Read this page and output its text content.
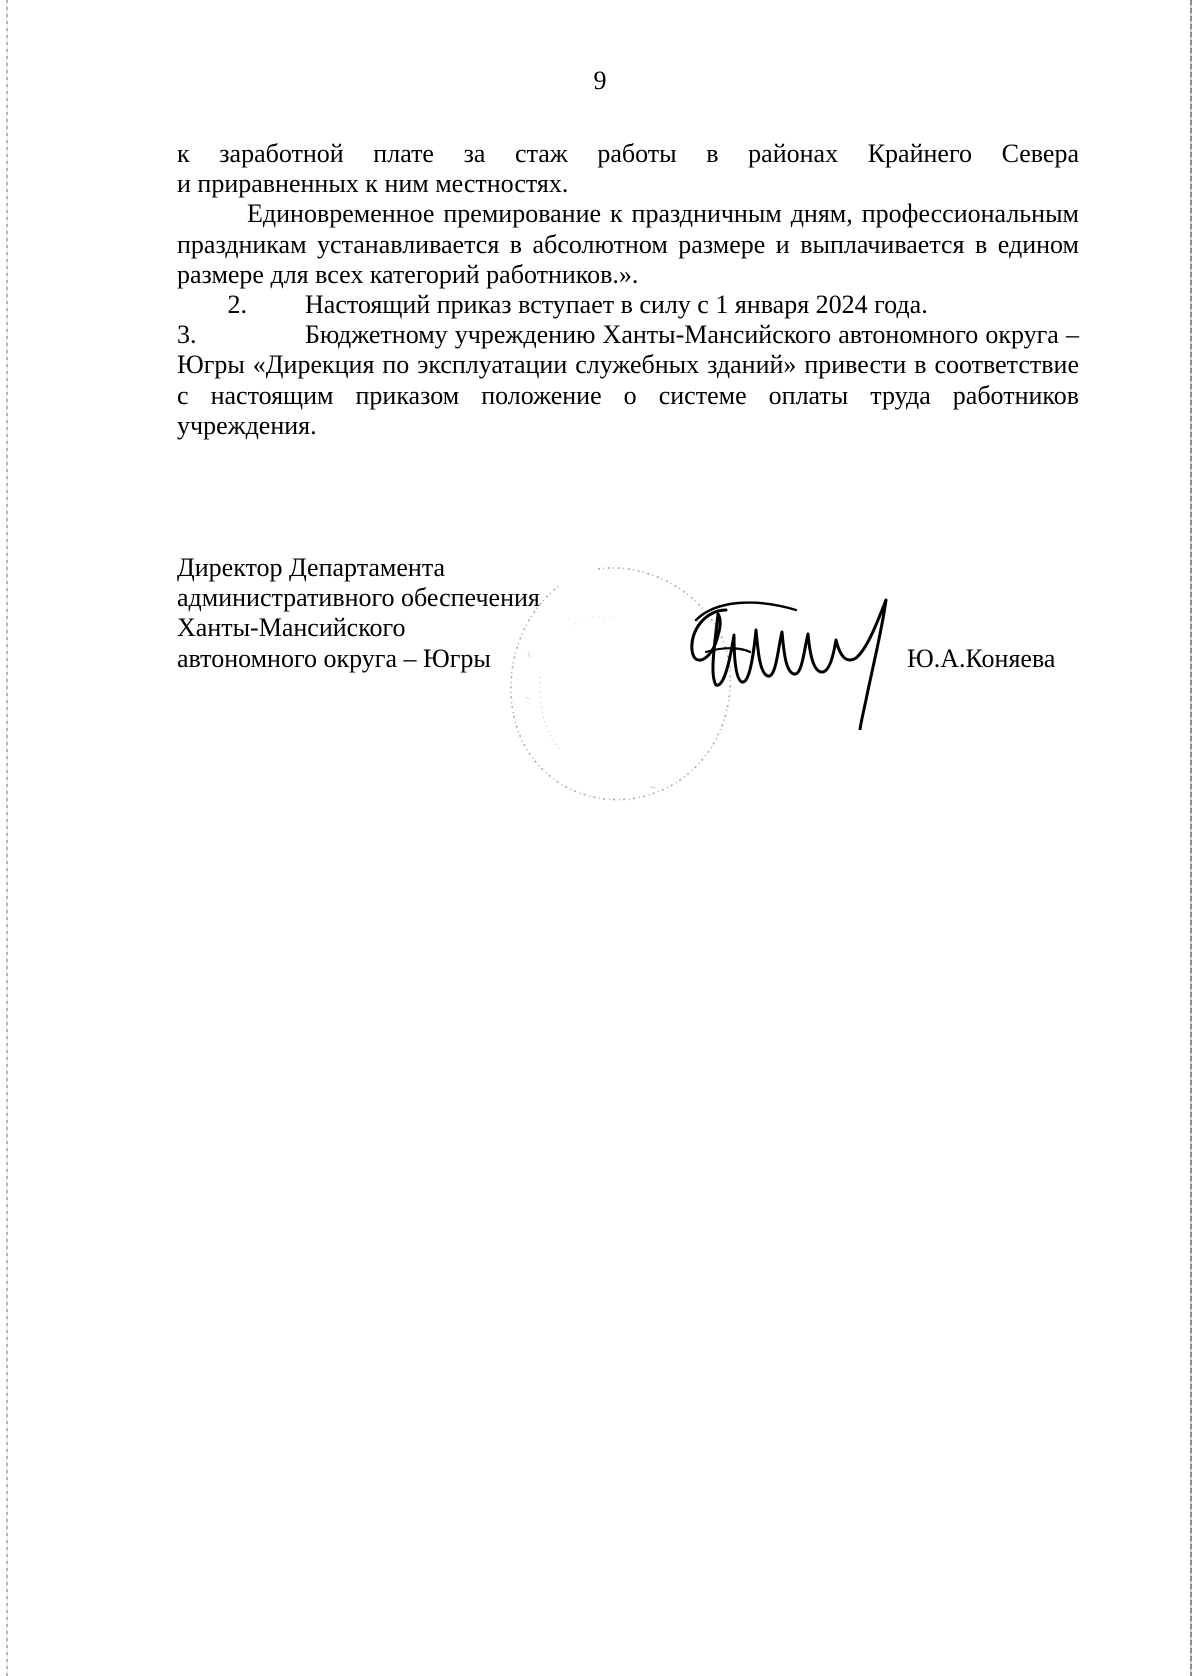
9

к заработной плате за стаж работы в районах Крайнего Севера

и приравненных к ним местностях.

Единовременное премирование к праздничным дням, профессиональным праздникам устанавливается в абсолютном размере и выплачивается в едином размере для всех категорий работников.».

2. Настоящий приказ вступает в силу с 1 января 2024 года.

3.	Бюджетному учреждению Ханты-Мансийского автономного округа – Югры «Дирекция по эксплуатации служебных зданий» привести в соответствие с настоящим приказом положение о системе оплаты труда работников учреждения.

Директор Департамента
административного обеспечения
Ханты-Мансийского
автономного округа – Югры	Ю.А.Коняева
